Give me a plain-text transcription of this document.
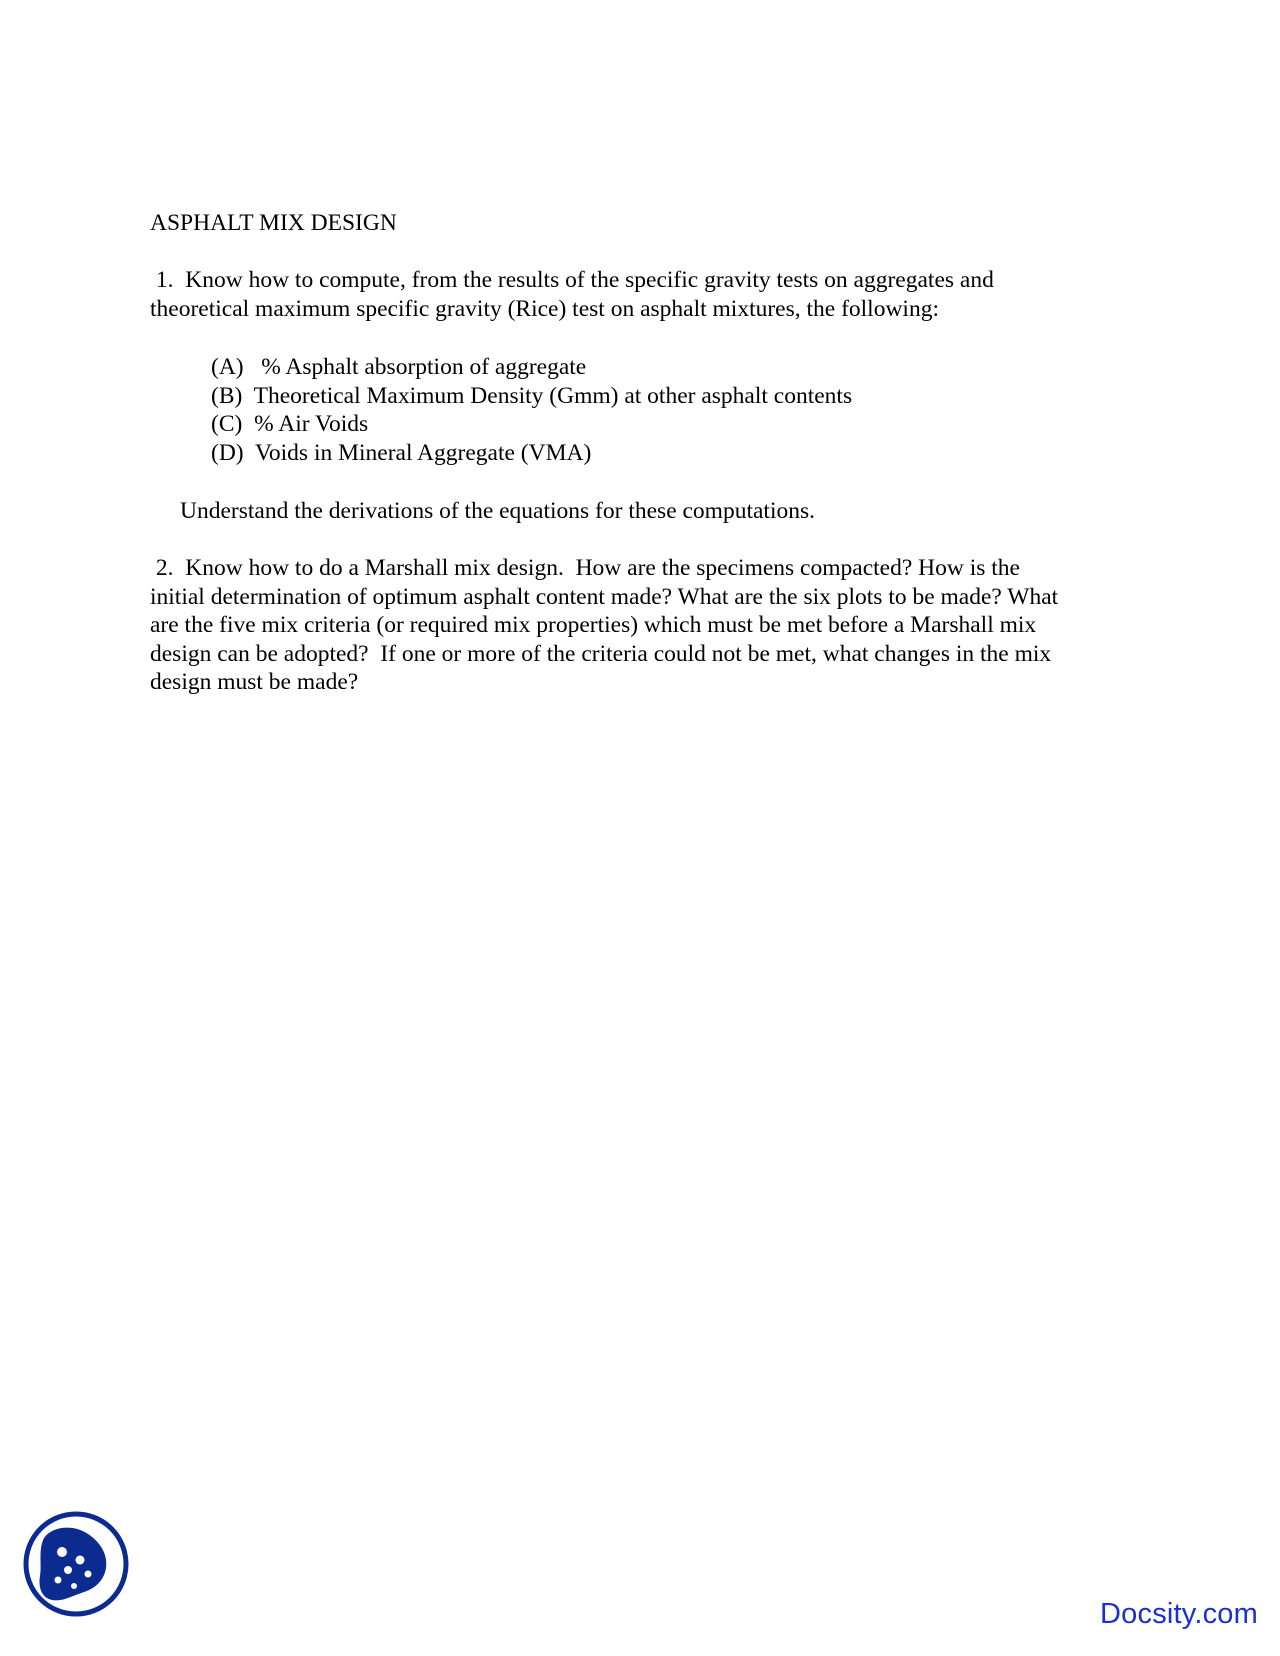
ASPHALT MIX DESIGN
1.  Know how to compute, from the results of the specific gravity tests on aggregates and
theoretical maximum specific gravity (Rice) test on asphalt mixtures, the following:
(A)   % Asphalt absorption of aggregate
(B)  Theoretical Maximum Density (Gmm) at other asphalt contents
(C)  % Air Voids
(D)  Voids in Mineral Aggregate (VMA)
Understand the derivations of the equations for these computations.
2.  Know how to do a Marshall mix design.  How are the specimens compacted? How is the
initial determination of optimum asphalt content made? What are the six plots to be made? What
are the five mix criteria (or required mix properties) which must be met before a Marshall mix
design can be adopted?  If one or more of the criteria could not be met, what changes in the mix
design must be made?
Docsity.com
